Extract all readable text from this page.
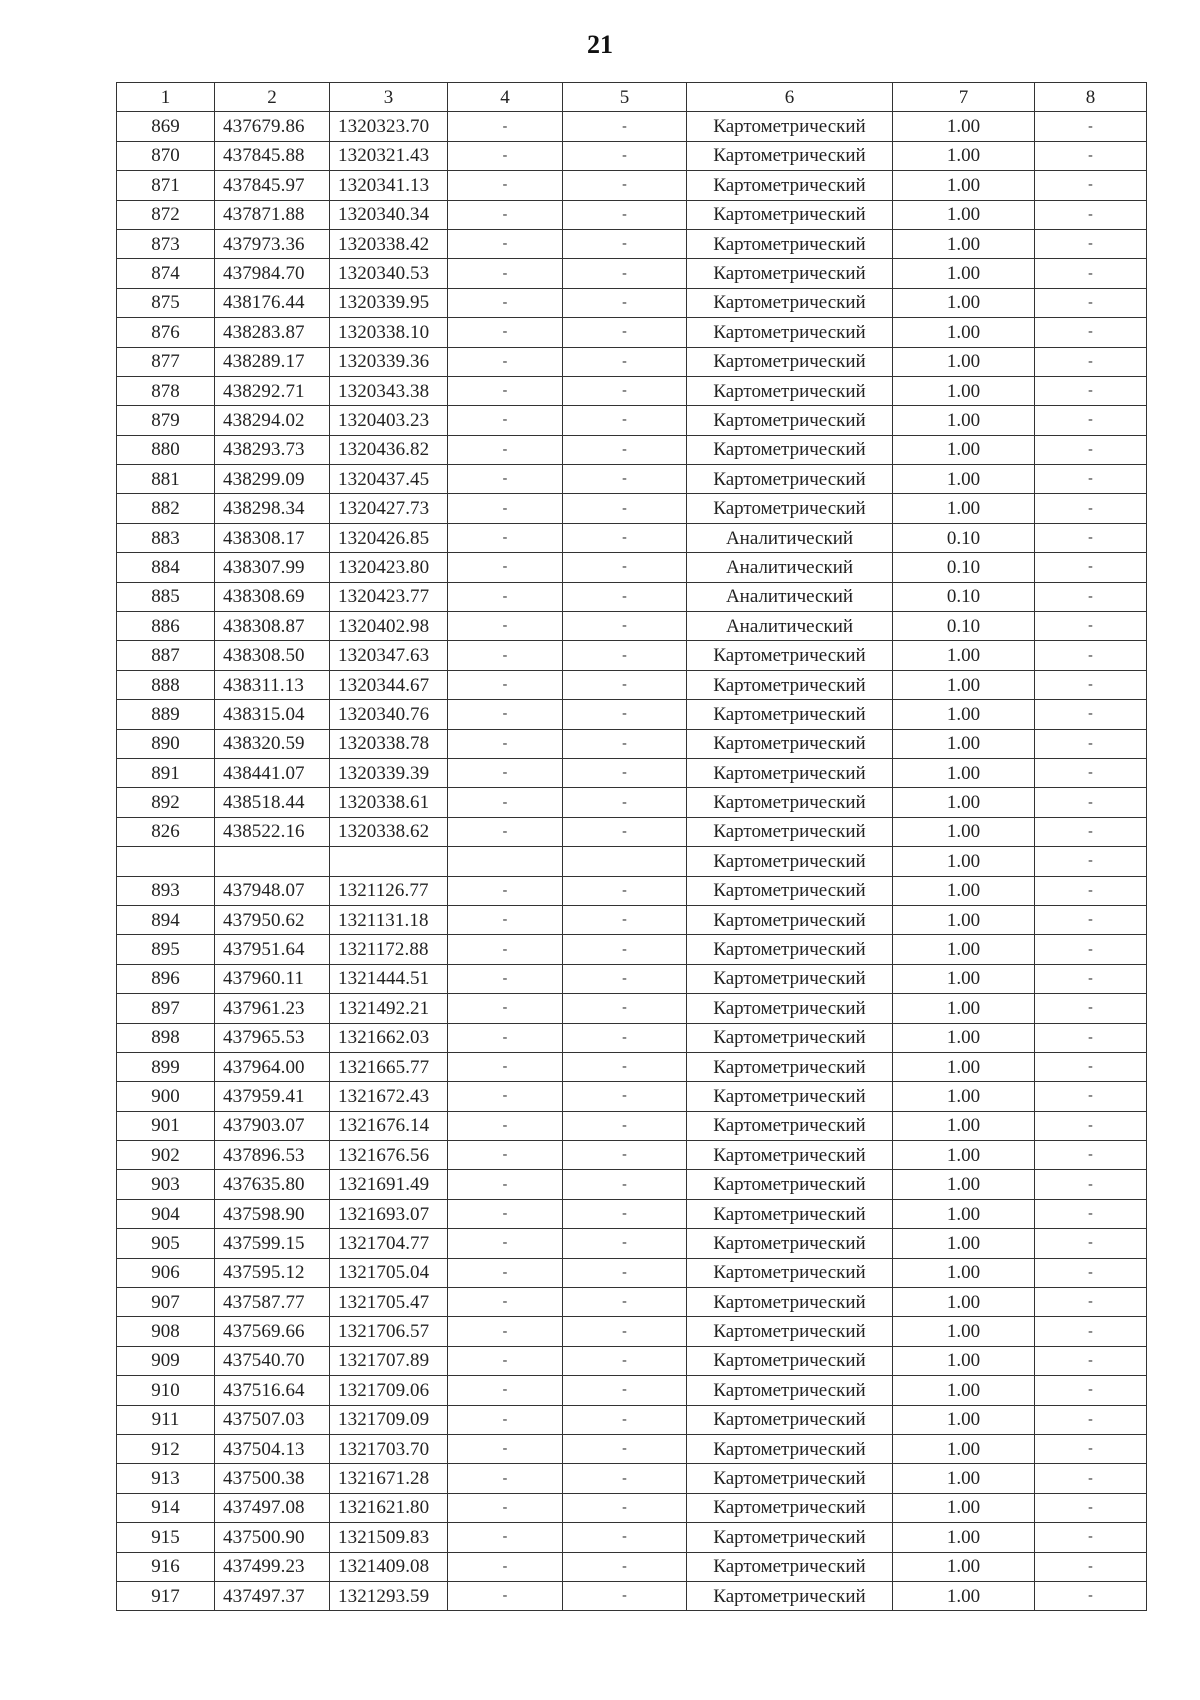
21
1	2	3	4	5	6	7	8
869	437679.86	1320323.70	-	-	Картометрический	1.00	-
870	437845.88	1320321.43	-	-	Картометрический	1.00	-
871	437845.97	1320341.13	-	-	Картометрический	1.00	-
872	437871.88	1320340.34	-	-	Картометрический	1.00	-
873	437973.36	1320338.42	-	-	Картометрический	1.00	-
874	437984.70	1320340.53	-	-	Картометрический	1.00	-
875	438176.44	1320339.95	-	-	Картометрический	1.00	-
876	438283.87	1320338.10	-	-	Картометрический	1.00	-
877	438289.17	1320339.36	-	-	Картометрический	1.00	-
878	438292.71	1320343.38	-	-	Картометрический	1.00	-
879	438294.02	1320403.23	-	-	Картометрический	1.00	-
880	438293.73	1320436.82	-	-	Картометрический	1.00	-
881	438299.09	1320437.45	-	-	Картометрический	1.00	-
882	438298.34	1320427.73	-	-	Картометрический	1.00	-
883	438308.17	1320426.85	-	-	Аналитический	0.10	-
884	438307.99	1320423.80	-	-	Аналитический	0.10	-
885	438308.69	1320423.77	-	-	Аналитический	0.10	-
886	438308.87	1320402.98	-	-	Аналитический	0.10	-
887	438308.50	1320347.63	-	-	Картометрический	1.00	-
888	438311.13	1320344.67	-	-	Картометрический	1.00	-
889	438315.04	1320340.76	-	-	Картометрический	1.00	-
890	438320.59	1320338.78	-	-	Картометрический	1.00	-
891	438441.07	1320339.39	-	-	Картометрический	1.00	-
892	438518.44	1320338.61	-	-	Картометрический	1.00	-
826	438522.16	1320338.62	-	-	Картометрический	1.00	-
					Картометрический	1.00	-
893	437948.07	1321126.77	-	-	Картометрический	1.00	-
894	437950.62	1321131.18	-	-	Картометрический	1.00	-
895	437951.64	1321172.88	-	-	Картометрический	1.00	-
896	437960.11	1321444.51	-	-	Картометрический	1.00	-
897	437961.23	1321492.21	-	-	Картометрический	1.00	-
898	437965.53	1321662.03	-	-	Картометрический	1.00	-
899	437964.00	1321665.77	-	-	Картометрический	1.00	-
900	437959.41	1321672.43	-	-	Картометрический	1.00	-
901	437903.07	1321676.14	-	-	Картометрический	1.00	-
902	437896.53	1321676.56	-	-	Картометрический	1.00	-
903	437635.80	1321691.49	-	-	Картометрический	1.00	-
904	437598.90	1321693.07	-	-	Картометрический	1.00	-
905	437599.15	1321704.77	-	-	Картометрический	1.00	-
906	437595.12	1321705.04	-	-	Картометрический	1.00	-
907	437587.77	1321705.47	-	-	Картометрический	1.00	-
908	437569.66	1321706.57	-	-	Картометрический	1.00	-
909	437540.70	1321707.89	-	-	Картометрический	1.00	-
910	437516.64	1321709.06	-	-	Картометрический	1.00	-
911	437507.03	1321709.09	-	-	Картометрический	1.00	-
912	437504.13	1321703.70	-	-	Картометрический	1.00	-
913	437500.38	1321671.28	-	-	Картометрический	1.00	-
914	437497.08	1321621.80	-	-	Картометрический	1.00	-
915	437500.90	1321509.83	-	-	Картометрический	1.00	-
916	437499.23	1321409.08	-	-	Картометрический	1.00	-
917	437497.37	1321293.59	-	-	Картометрический	1.00	-
